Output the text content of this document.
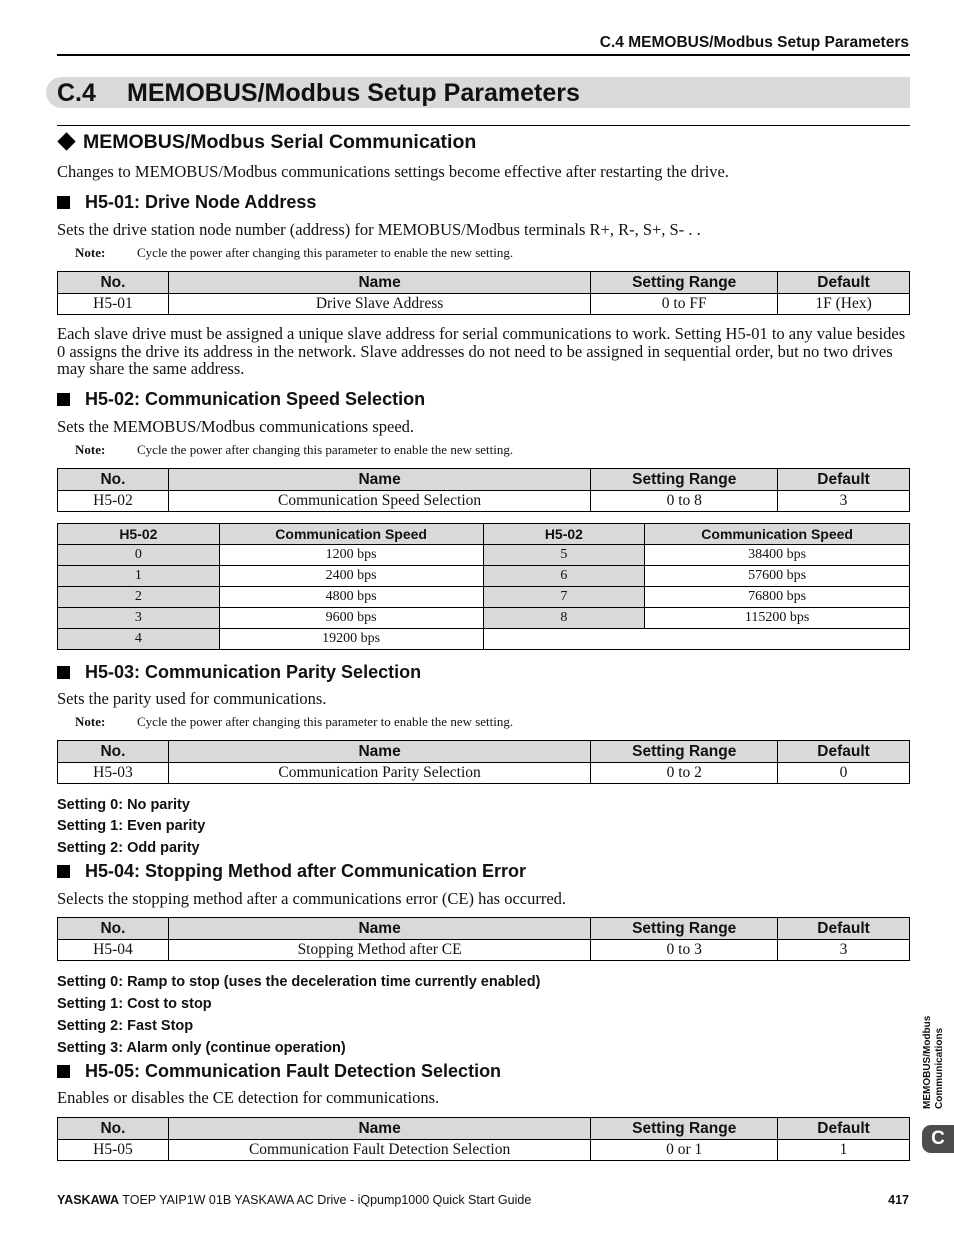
C.4 MEMOBUS/Modbus Setup Parameters
C.4 MEMOBUS/Modbus Setup Parameters
MEMOBUS/Modbus Serial Communication
Changes to MEMOBUS/Modbus communications settings become effective after restarting the drive.
H5-01: Drive Node Address
Sets the drive station node number (address) for MEMOBUS/Modbus terminals R+, R-, S+, S- . .
Note: Cycle the power after changing this parameter to enable the new setting.
No.	Name	Setting Range	Default
H5-01	Drive Slave Address	0 to FF	1F (Hex)
Each slave drive must be assigned a unique slave address for serial communications to work. Setting H5-01 to any value besides 0 assigns the drive its address in the network. Slave addresses do not need to be assigned in sequential order, but no two drives may share the same address.
H5-02: Communication Speed Selection
Sets the MEMOBUS/Modbus communications speed.
Note: Cycle the power after changing this parameter to enable the new setting.
No.	Name	Setting Range	Default
H5-02	Communication Speed Selection	0 to 8	3
H5-02	Communication Speed	H5-02	Communication Speed
0	1200 bps	5	38400 bps
1	2400 bps	6	57600 bps
2	4800 bps	7	76800 bps
3	9600 bps	8	115200 bps
4	19200 bps		
H5-03: Communication Parity Selection
Sets the parity used for communications.
Note: Cycle the power after changing this parameter to enable the new setting.
No.	Name	Setting Range	Default
H5-03	Communication Parity Selection	0 to 2	0
Setting 0: No parity
Setting 1: Even parity
Setting 2: Odd parity
H5-04: Stopping Method after Communication Error
Selects the stopping method after a communications error (CE) has occurred.
No.	Name	Setting Range	Default
H5-04	Stopping Method after CE	0 to 3	3
Setting 0: Ramp to stop (uses the deceleration time currently enabled)
Setting 1: Cost to stop
Setting 2: Fast Stop
Setting 3: Alarm only (continue operation)
H5-05: Communication Fault Detection Selection
Enables or disables the CE detection for communications.
No.	Name	Setting Range	Default
H5-05	Communication Fault Detection Selection	0 or 1	1
MEMOBUS/Modbus Communications
C
YASKAWA TOEP YAIP1W 01B YASKAWA AC Drive - iQpump1000 Quick Start Guide	417
